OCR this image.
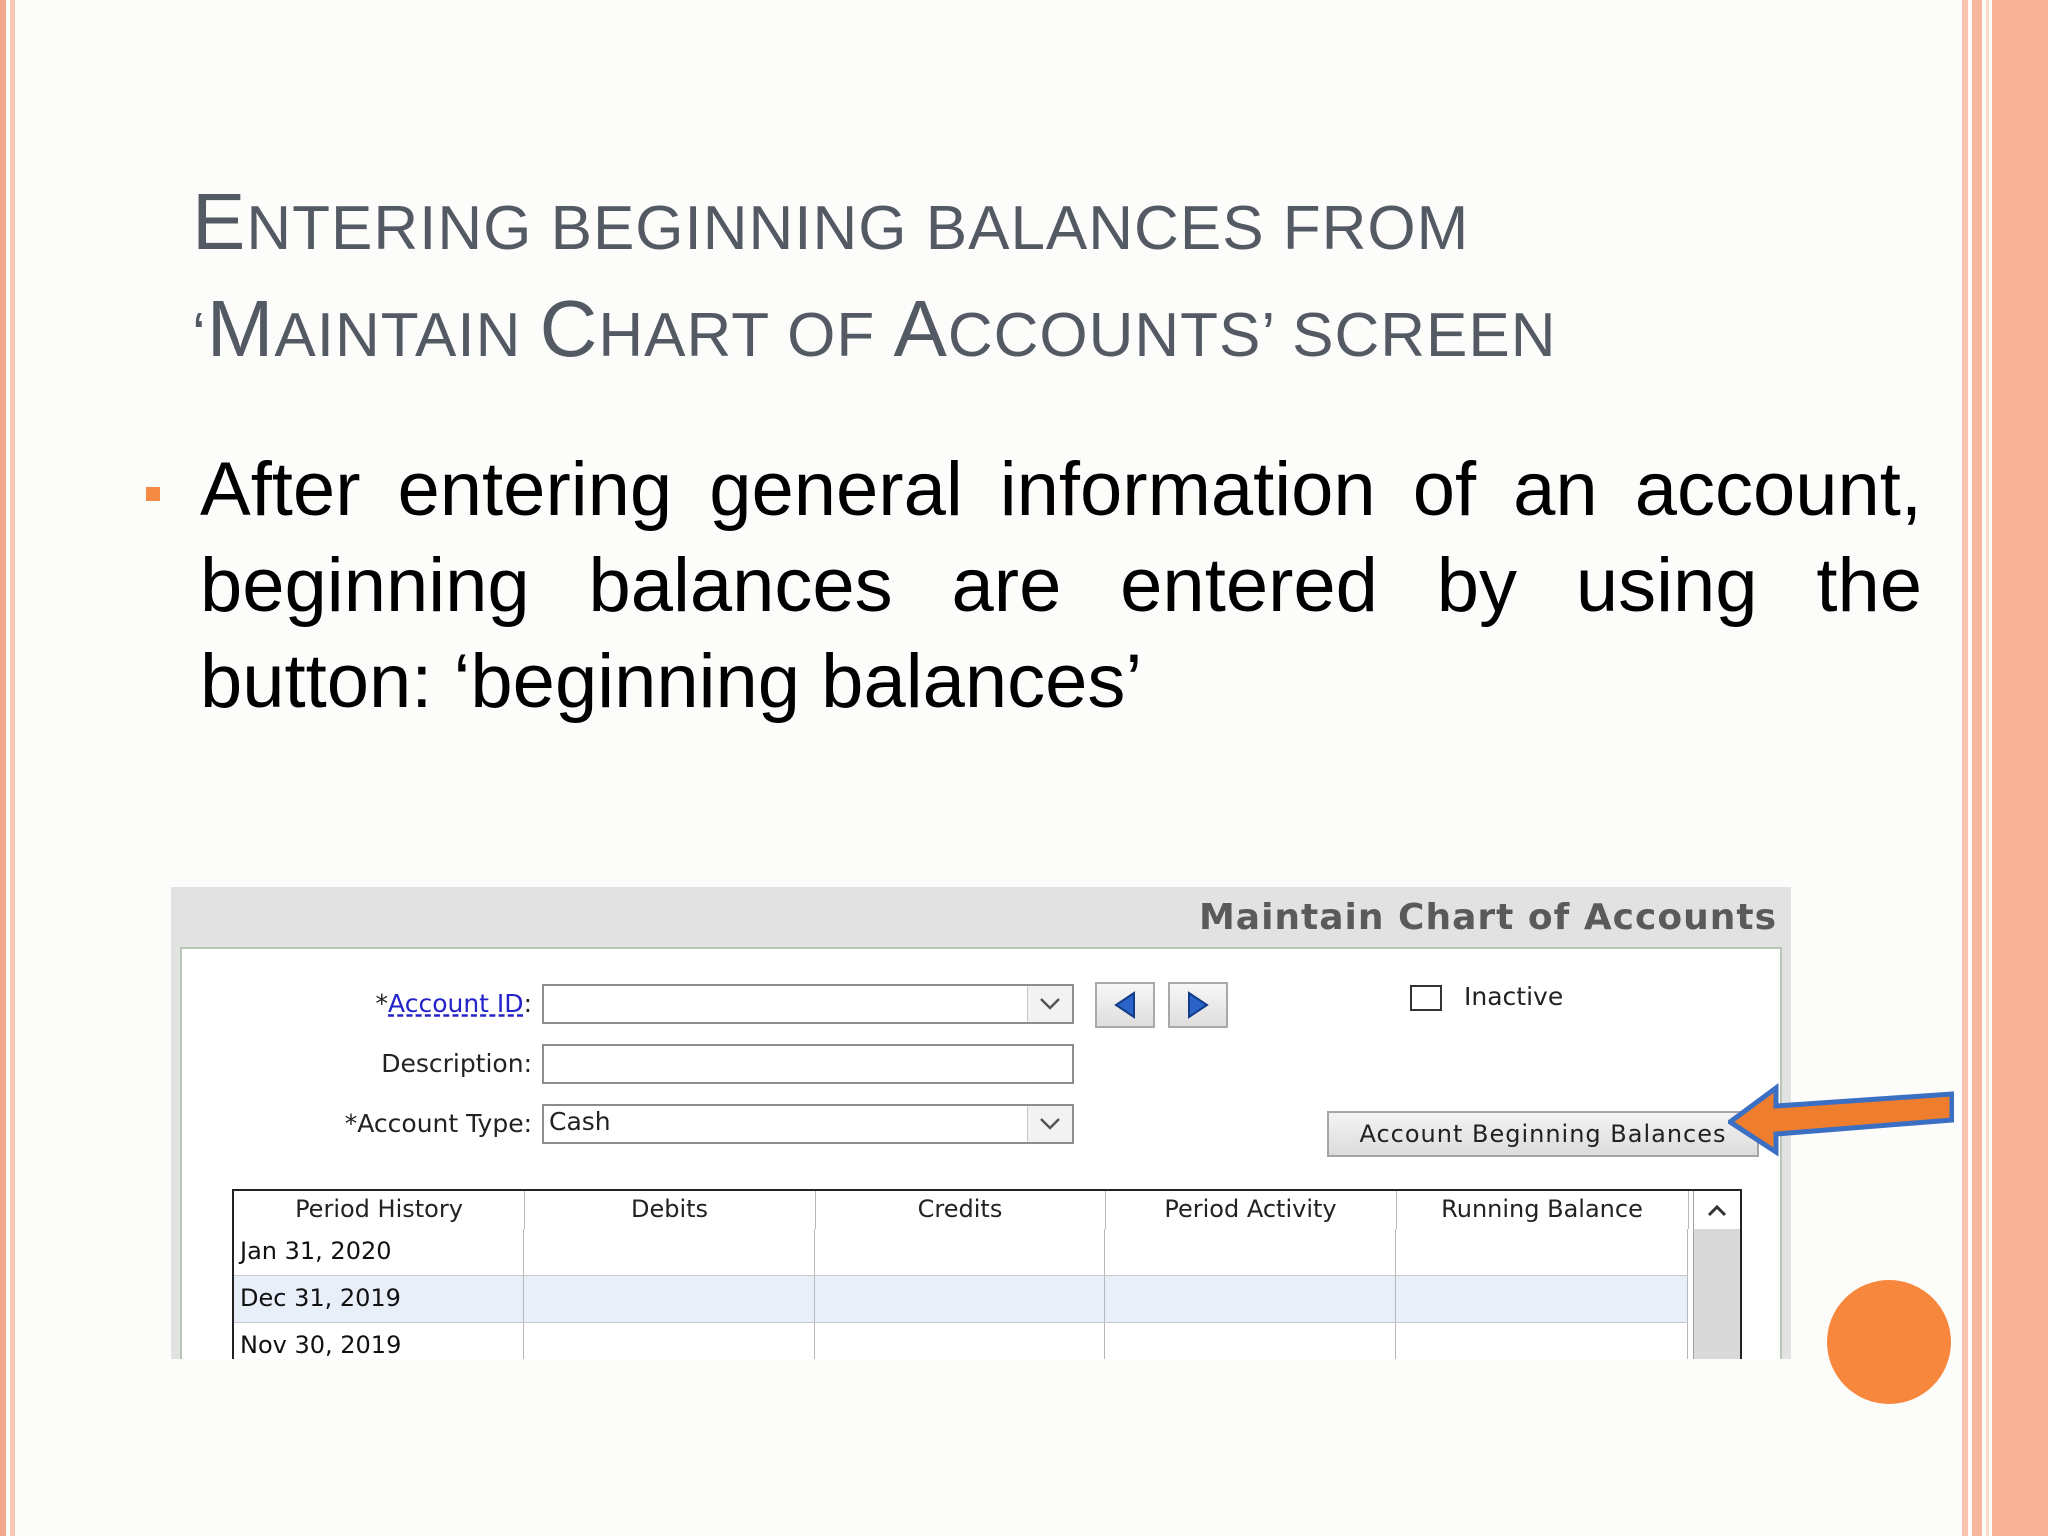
ENTERING BEGINNING BALANCES FROM
‘MAINTAIN CHART OF ACCOUNTS’ SCREEN
After entering general information of an account, beginning balances are entered by using the button: ‘beginning balances’
Maintain Chart of Accounts
*Account ID:	Inactive
Description:
*Account Type: Cash	Account Beginning Balances
Period History	Debits	Credits	Period Activity	Running Balance
Jan 31, 2020
Dec 31, 2019
Nov 30, 2019
